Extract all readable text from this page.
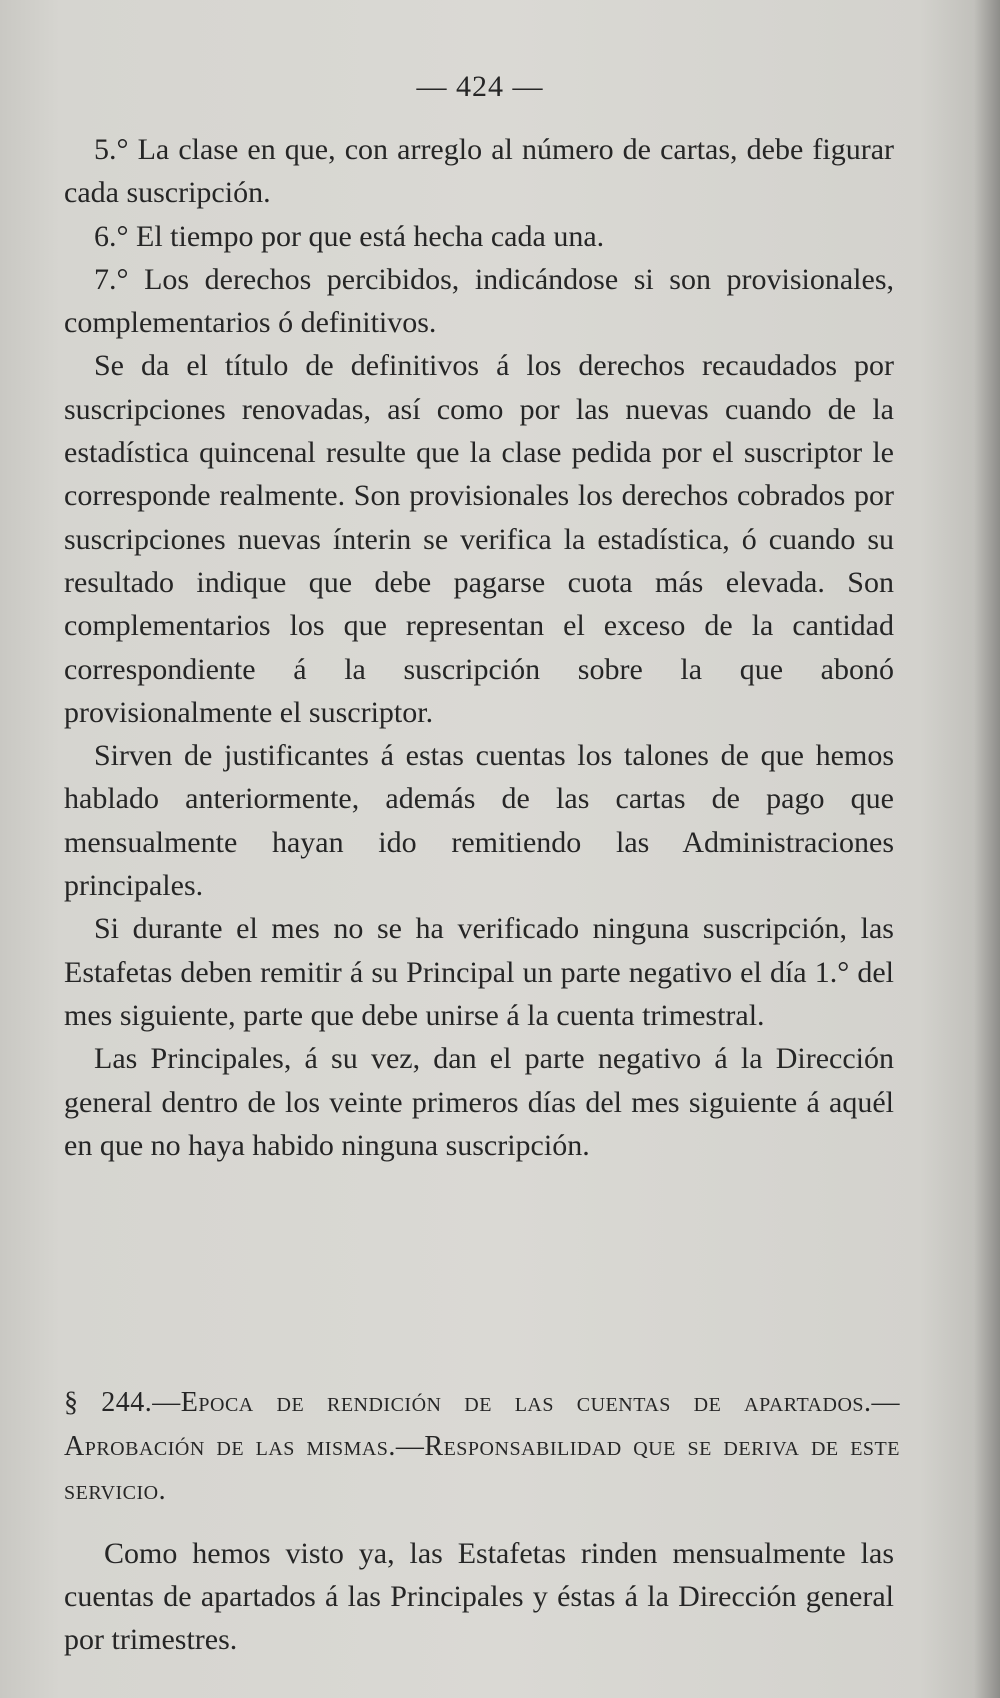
— 424 —

5.° La clase en que, con arreglo al número de cartas, debe figurar cada suscripción.

6.° El tiempo por que está hecha cada una.

7.° Los derechos percibidos, indicándose si son provisionales, complementarios ó definitivos.

Se da el título de definitivos á los derechos recaudados por suscripciones renovadas, así como por las nuevas cuando de la estadística quincenal resulte que la clase pedida por el suscriptor le corresponde realmente. Son provisionales los derechos cobrados por suscripciones nuevas ínterin se verifica la estadística, ó cuando su resultado indique que debe pagarse cuota más elevada. Son complementarios los que representan el exceso de la cantidad correspondiente á la suscripción sobre la que abonó provisionalmente el suscriptor.

Sirven de justificantes á estas cuentas los talones de que hemos hablado anteriormente, además de las cartas de pago que mensualmente hayan ido remitiendo las Administraciones principales.

Si durante el mes no se ha verificado ninguna suscripción, las Estafetas deben remitir á su Principal un parte negativo el día 1.° del mes siguiente, parte que debe unirse á la cuenta trimestral.

Las Principales, á su vez, dan el parte negativo á la Dirección general dentro de los veinte primeros días del mes siguiente á aquél en que no haya habido ninguna suscripción.

§ 244.—Epoca de rendición de las cuentas de apartados.— Aprobación de las mismas.—Responsabilidad que se deriva de este servicio.

Como hemos visto ya, las Estafetas rinden mensualmente las cuentas de apartados á las Principales y éstas á la Dirección general por trimestres.
